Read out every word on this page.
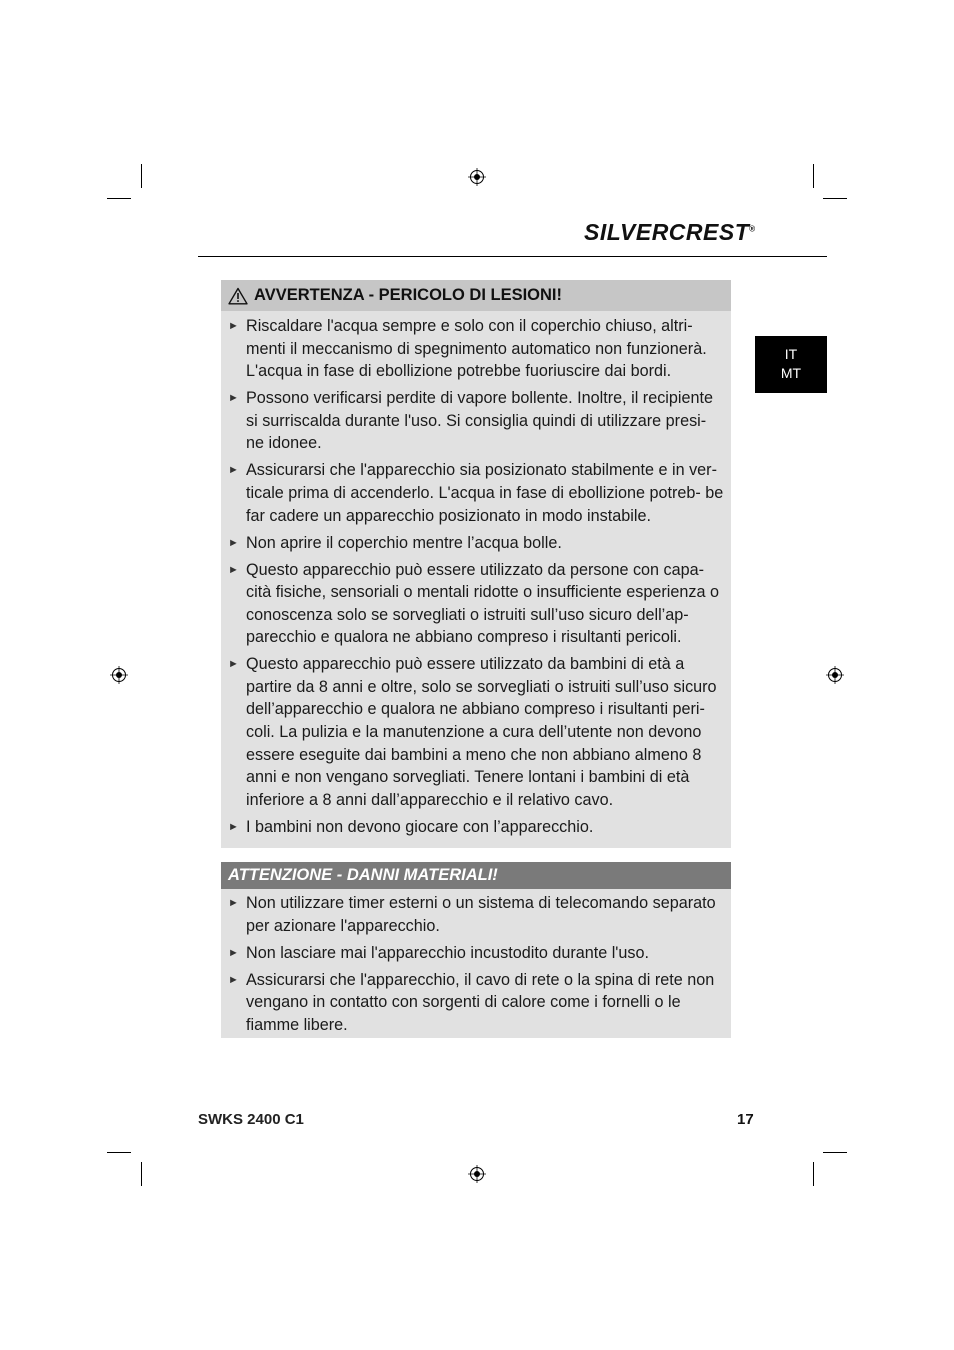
SILVERCREST®
IT
MT
AVVERTENZA - PERICOLO DI LESIONI!
► Riscaldare l'acqua sempre e solo con il coperchio chiuso, altri- menti il meccanismo di spegnimento automatico non funzionerà. L'acqua in fase di ebollizione potrebbe fuoriuscire dai bordi.
► Possono verificarsi perdite di vapore bollente. Inoltre, il recipiente si surriscalda durante l'uso. Si consiglia quindi di utilizzare presi- ne idonee.
► Assicurarsi che l'apparecchio sia posizionato stabilmente e in ver- ticale prima di accenderlo. L'acqua in fase di ebollizione potreb- be far cadere un apparecchio posizionato in modo instabile.
► Non aprire il coperchio mentre l’acqua bolle.
► Questo apparecchio può essere utilizzato da persone con capa- cità fisiche, sensoriali o mentali ridotte o insufficiente esperienza o conoscenza solo se sorvegliati o istruiti sull’uso sicuro dell’ap- parecchio e qualora ne abbiano compreso i risultanti pericoli.
► Questo apparecchio può essere utilizzato da bambini di età a partire da 8 anni e oltre, solo se sorvegliati o istruiti sull’uso sicuro dell’apparecchio e qualora ne abbiano compreso i risultanti peri- coli. La pulizia e la manutenzione a cura dell’utente non devono essere eseguite dai bambini a meno che non abbiano almeno 8 anni e non vengano sorvegliati. Tenere lontani i bambini di età inferiore a 8 anni dall’apparecchio e il relativo cavo.
► I bambini non devono giocare con l’apparecchio.
ATTENZIONE - DANNI MATERIALI!
► Non utilizzare timer esterni o un sistema di telecomando separato per azionare l'apparecchio.
► Non lasciare mai l'apparecchio incustodito durante l'uso.
► Assicurarsi che l'apparecchio, il cavo di rete o la spina di rete non vengano in contatto con sorgenti di calore come i fornelli o le fiamme libere.
SWKS 2400 C1	17
